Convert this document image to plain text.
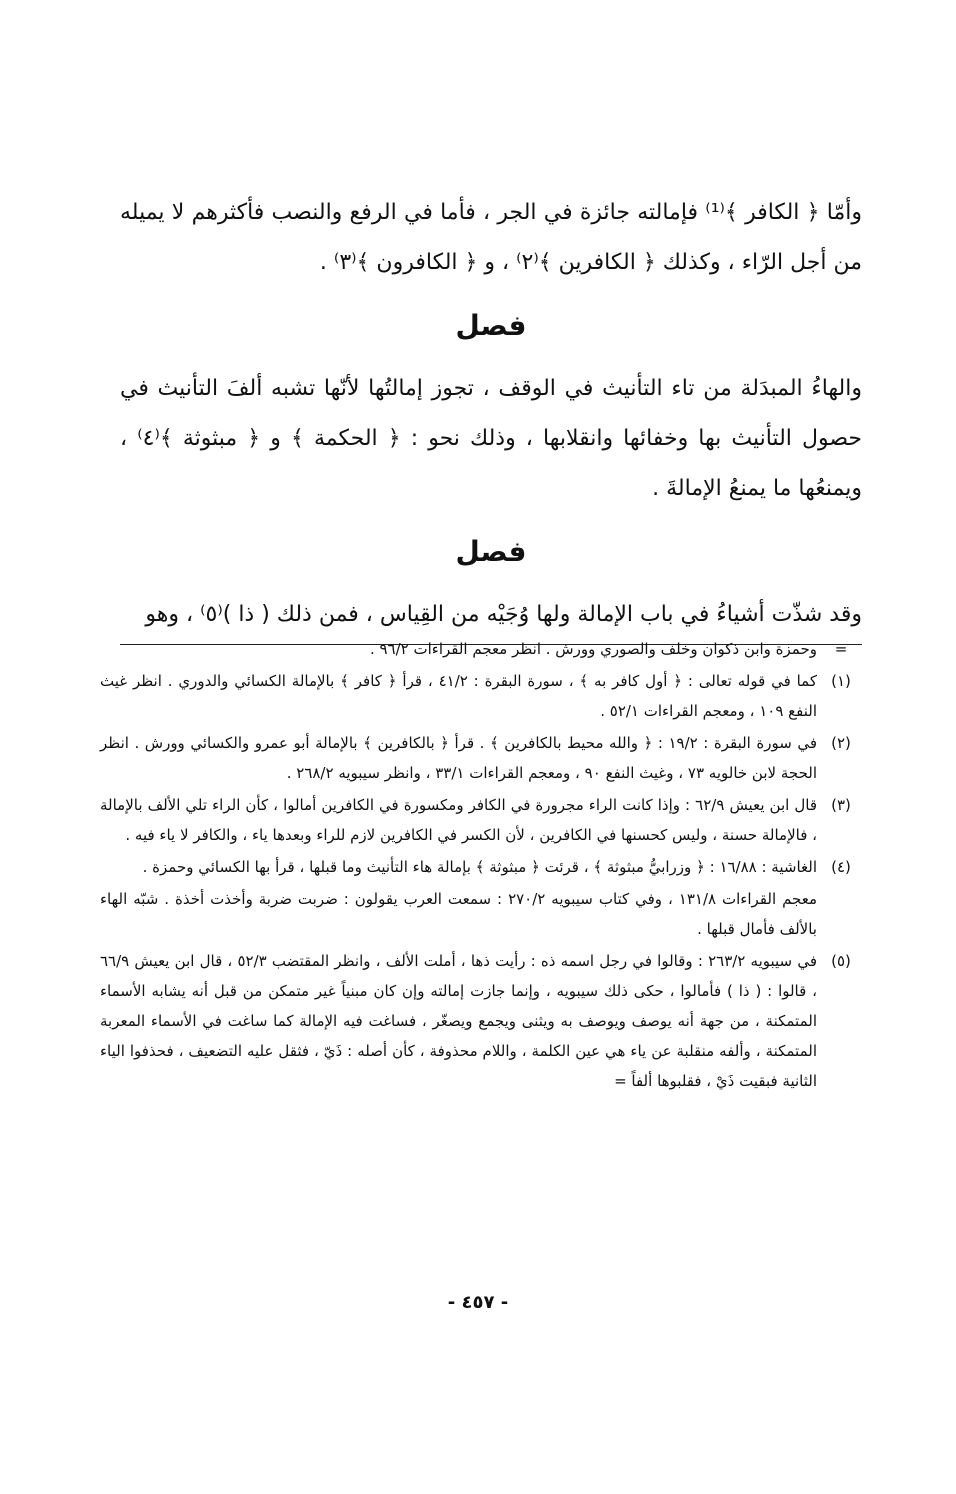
وأمّا ﴿ الكافر ﴾⁽¹⁾ فإمالته جائزة في الجر ، فأما في الرفع والنصب فأكثرهم لا يميله من أجل الرّاء ، وكذلك ﴿ الكافرين ﴾⁽٢⁾ ، و ﴿ الكافرون ﴾⁽٣⁾ .

فصل

والهاءُ المبدَلة من تاء التأنيث في الوقف ، تجوز إمالتُها لأنّها تشبه ألفَ التأنيث في حصول التأنيث بها وخفائها وانقلابها ، وذلك نحو : ﴿ الحكمة ﴾ و ﴿ مبثوثة ﴾⁽٤⁾ ، ويمنعُها ما يمنعُ الإمالةَ .

فصل

وقد شذّت أشياءُ في باب الإمالة ولها وُجَيْه من القِياس ، فمن ذلك ( ذا )⁽٥⁾ ، وهو

=
وحمزة وابن ذكوان وخلف والصوري وورش . انظر معجم القراءات ٩٦/٢ .
(١)
كما في قوله تعالى : ﴿ أول كافر به ﴾ ، سورة البقرة : ٤١/٢ ، قرأ ﴿ كافر ﴾ بالإمالة الكسائي والدوري . انظر غيث النفع ١٠٩ ، ومعجم القراءات ٥٢/١ .
(٢)
في سورة البقرة : ١٩/٢ : ﴿ والله محيط بالكافرين ﴾ . قرأ ﴿ بالكافرين ﴾ بالإمالة أبو عمرو والكسائي وورش . انظر الحجة لابن خالويه ٧٣ ، وغيث النفع ٩٠ ، ومعجم القراءات ٣٣/١ ، وانظر سيبويه ٢٦٨/٢ .
(٣)
قال ابن يعيش ٦٢/٩ : وإذا كانت الراء مجرورة في الكافر ومكسورة في الكافرين أمالوا ، كأن الراء تلي الألف بالإمالة ، فالإمالة حسنة ، وليس كحسنها في الكافرين ، لأن الكسر في الكافرين لازم للراء وبعدها ياء ، والكافر لا ياء فيه .
(٤)
الغاشية : ١٦/٨٨ : ﴿ وزرابيُّ مبثوثة ﴾ ، قرئت ﴿ مبثوثة ﴾ بإمالة هاء التأنيث وما قبلها ، قرأ بها الكسائي وحمزة .
معجم القراءات ١٣١/٨ ، وفي كتاب سيبويه ٢٧٠/٢ : سمعت العرب يقولون : ضربت ضربة وأخذت أخذة . شبّه الهاء بالألف فأمال قبلها .
(٥)
في سيبويه ٢٦٣/٢ : وقالوا في رجل اسمه ذه : رأيت ذها ، أملت الألف ، وانظر المقتضب ٥٢/٣ ، قال ابن يعيش ٦٦/٩ ، قالوا : ( ذا ) فأمالوا ، حكى ذلك سيبويه ، وإنما جازت إمالته وإن كان مبنياً غير متمكن من قبل أنه يشابه الأسماء المتمكنة ، من جهة أنه يوصف ويوصف به ويثنى ويجمع ويصغّر ، فساغت فيه الإمالة كما ساغت في الأسماء المعربة المتمكنة ، وألفه منقلبة عن ياء هي عين الكلمة ، واللام محذوفة ، كأن أصله : ذَيّ ، فثقل عليه التضعيف ، فحذفوا الياء الثانية فبقيت ذَيْ ، فقلبوها ألفاً =
- ٤٥٧ -
